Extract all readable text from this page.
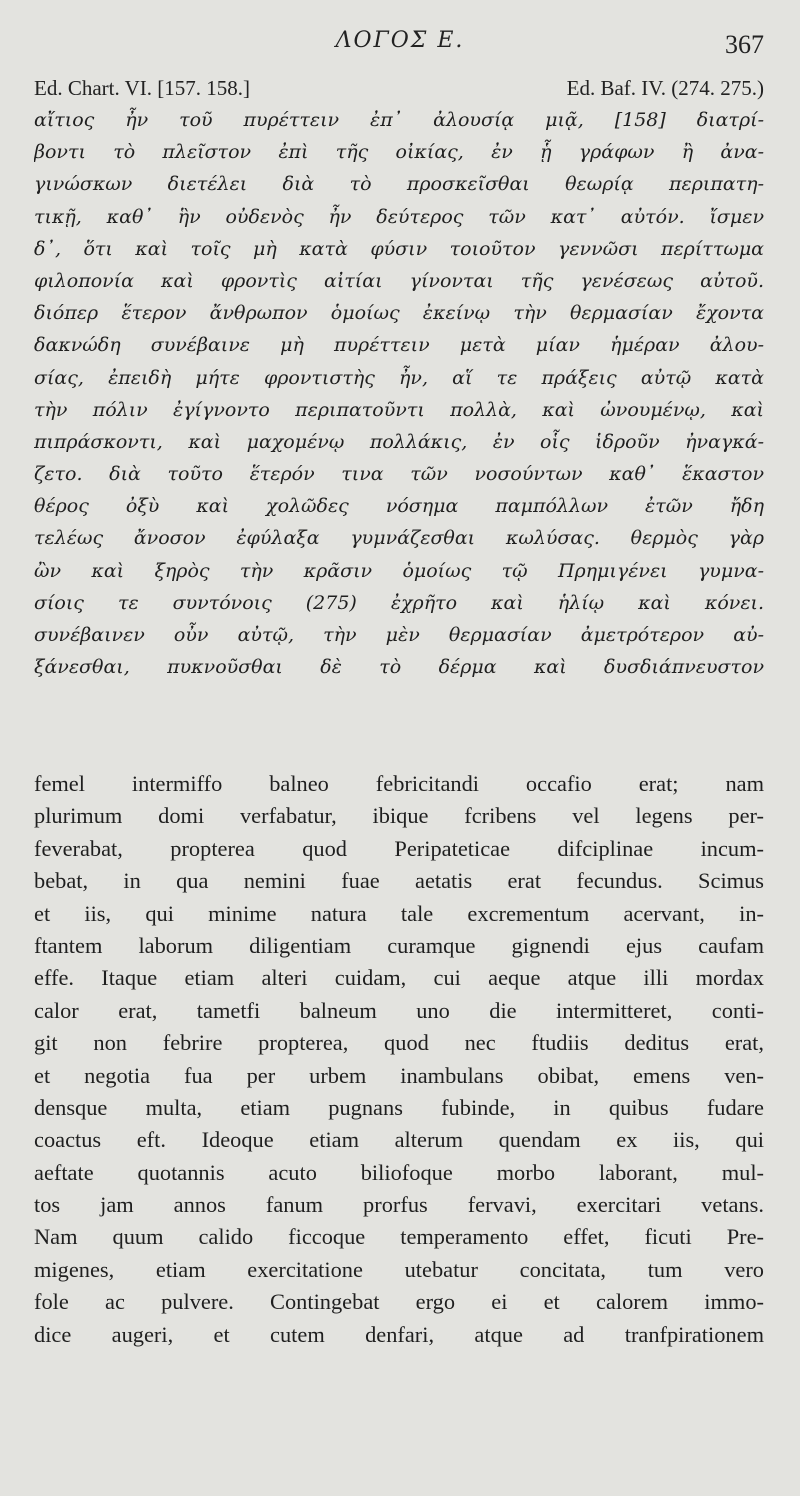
ΛΟΓΟΣ Ε.	367
Ed. Chart. VI. [157. 158.]	Ed. Baf. IV. (274. 275.)
αἴτιος ἦν τοῦ πυρέττειν ἐπ᾽ ἀλουσίᾳ μιᾷ, [158] διατρί-
βοντι τὸ πλεῖστον ἐπὶ τῆς οἰκίας, ἐν ᾗ γράφων ἢ ἀνα-
γινώσκων διετέλει διὰ τὸ προσκεῖσθαι θεωρίᾳ περιπατη-
τικῇ, καθ᾽ ἣν οὐδενὸς ἦν δεύτερος τῶν κατ᾽ αὐτόν. ἴσμεν
δ᾽, ὅτι καὶ τοῖς μὴ κατὰ φύσιν τοιοῦτον γεννῶσι περίττωμα
φιλοπονία καὶ φροντὶς αἰτίαι γίνονται τῆς γενέσεως αὐτοῦ.
διόπερ ἕτερον ἄνθρωπον ὁμοίως ἐκείνῳ τὴν θερμασίαν ἔχοντα
δακνώδη συνέβαινε μὴ πυρέττειν μετὰ μίαν ἡμέραν ἀλου-
σίας, ἐπειδὴ μήτε φροντιστὴς ἦν, αἵ τε πράξεις αὐτῷ κατὰ
τὴν πόλιν ἐγίγνοντο περιπατοῦντι πολλὰ, καὶ ὠνουμένῳ, καὶ
πιπράσκοντι, καὶ μαχομένῳ πολλάκις, ἐν οἷς ἱδροῦν ἠναγκά-
ζετο. διὰ τοῦτο ἕτερόν τινα τῶν νοσούντων καθ᾽ ἕκαστον
θέρος ὀξὺ καὶ χολῶδες νόσημα παμπόλλων ἐτῶν ἤδη
τελέως ἄνοσον ἐφύλαξα γυμνάζεσθαι κωλύσας. θερμὸς γὰρ
ὢν καὶ ξηρὸς τὴν κρᾶσιν ὁμοίως τῷ Πρημιγένει γυμνα-
σίοις τε συντόνοις (275) ἐχρῆτο καὶ ἡλίῳ καὶ κόνει.
συνέβαινεν οὖν αὐτῷ, τὴν μὲν θερμασίαν ἀμετρότερον αὐ-
ξάνεσθαι, πυκνοῦσθαι δὲ τὸ δέρμα καὶ δυσδιάπνευστον
femel intermiffo balneo febricitandi occafio erat; nam
plurimum domi verfabatur, ibique fcribens vel legens per-
feverabat, propterea quod Peripateticae difciplinae incum-
bebat, in qua nemini fuae aetatis erat fecundus. Scimus
et iis, qui minime natura tale excrementum acervant, in-
ftantem laborum diligentiam curamque gignendi ejus caufam
effe. Itaque etiam alteri cuidam, cui aeque atque illi mordax
calor erat, tametfi balneum uno die intermitteret, conti-
git non febrire propterea, quod nec ftudiis deditus erat,
et negotia fua per urbem inambulans obibat, emens ven-
densque multa, etiam pugnans fubinde, in quibus fudare
coactus eft. Ideoque etiam alterum quendam ex iis, qui
aeftate quotannis acuto biliofoque morbo laborant, mul-
tos jam annos fanum prorfus fervavi, exercitari vetans.
Nam quum calido ficcoque temperamento effet, ficuti Pre-
migenes, etiam exercitatione utebatur concitata, tum vero
fole ac pulvere. Contingebat ergo ei et calorem immo-
dice augeri, et cutem denfari, atque ad tranfpirationem
